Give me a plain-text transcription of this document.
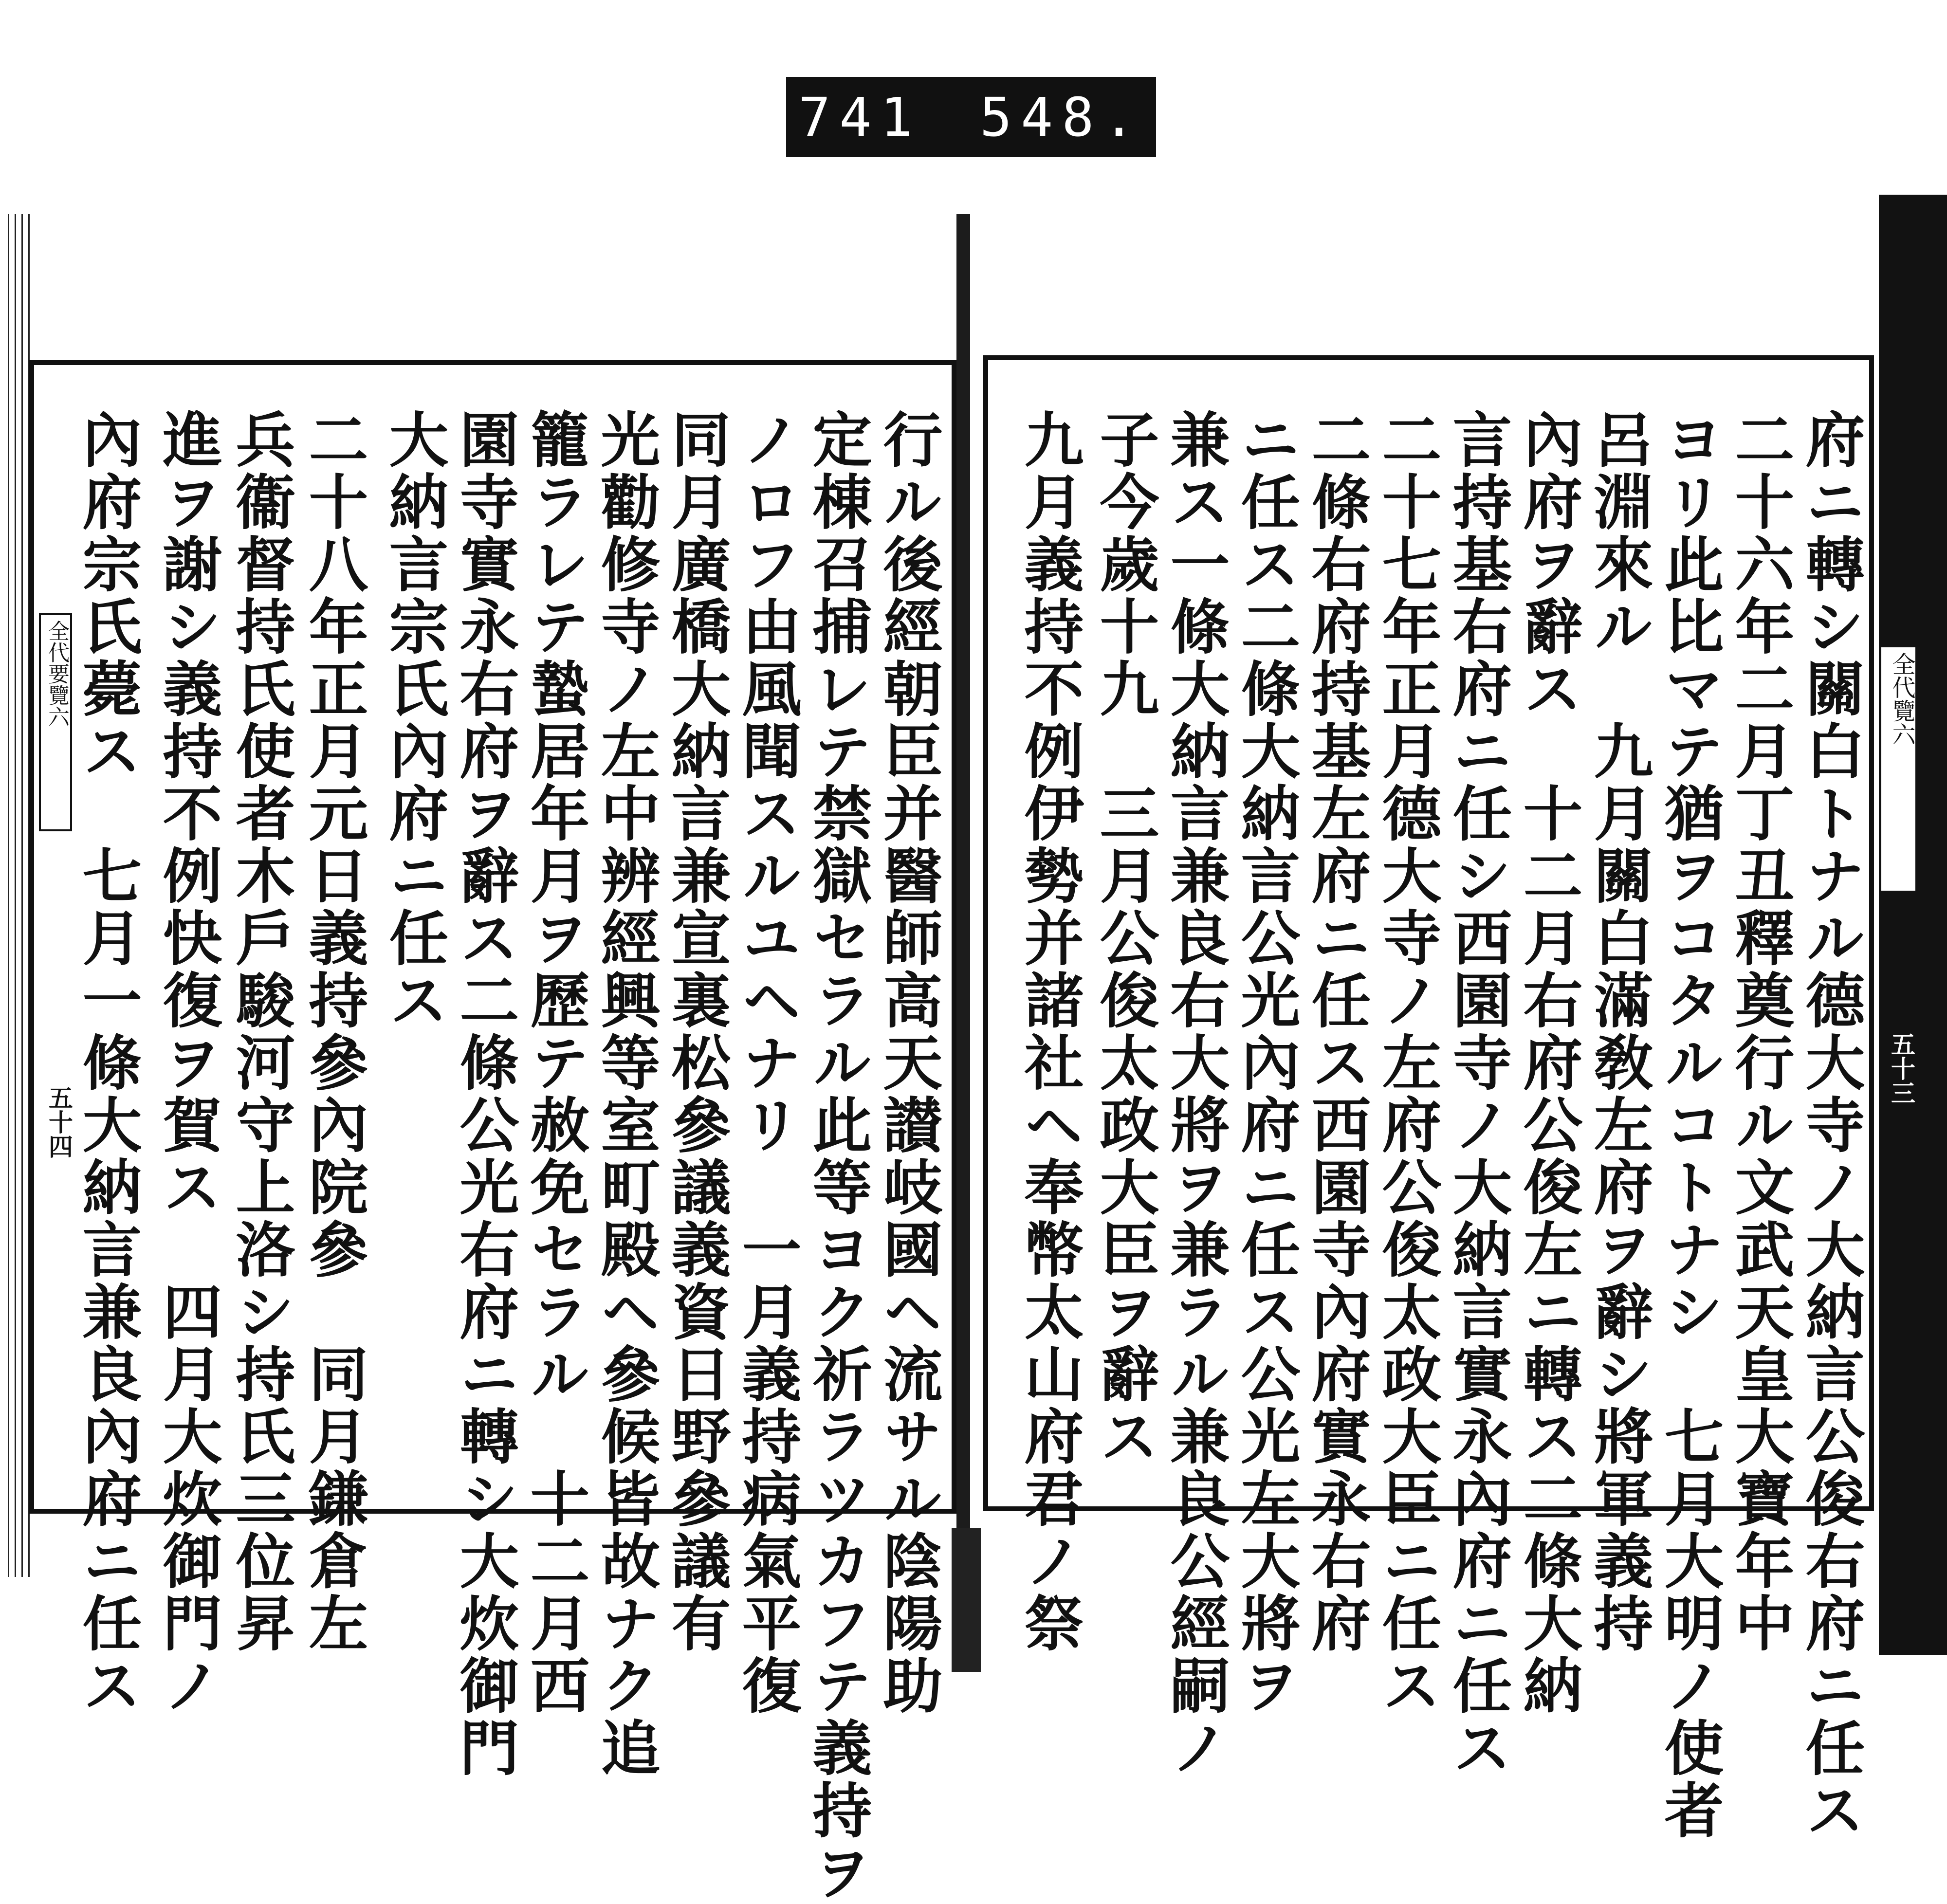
741 548.
全代要覽六
五十四
全代覽六
五十三
府ニ轉シ關白トナル德大寺ノ大納言公俊右府ニ任ス
二十六年二月丁丑釋奠行ル文武天皇大寶年中
ヨリ此比マテ猶ヲコタルコトナシ　七月大明ノ使者
呂淵來ル　九月關白滿敎左府ヲ辭シ將軍義持
內府ヲ辭ス　十二月右府公俊左ニ轉ス二條大納
言持基右府ニ任シ西園寺ノ大納言實永內府ニ任ス
二十七年正月德大寺ノ左府公俊太政大臣ニ任ス
二條右府持基左府ニ任ス西園寺內府實永右府
ニ任ス二條大納言公光內府ニ任ス公光左大將ヲ
兼ス一條大納言兼良右大將ヲ兼ラル兼良公經嗣ノ
子今歲十九　三月公俊太政大臣ヲ辭ス
九月義持不例伊勢并諸社ヘ奉幣太山府君ノ祭
行ル後經朝臣并醫師高天讃岐國ヘ流サル陰陽助
定棟召捕レテ禁獄セラル此等ヨク祈ラツカフテ義持ヲ
ノロフ由風聞スルユヘナリ　一月義持病氣平復
同月廣橋大納言兼宣裏松參議義資日野參議有
光勸修寺ノ左中辨經興等室町殿ヘ參候皆故ナク追
籠ラレテ蟄居年月ヲ歷テ赦免セラル　十二月西
園寺實永右府ヲ辭ス二條公光右府ニ轉シ大炊御門
大納言宗氏內府ニ任ス
二十八年正月元日義持參內院參　同月鎌倉左
兵衞督持氏使者木戶駿河守上洛シ持氏三位昇
進ヲ謝シ義持不例快復ヲ賀ス　四月大炊御門ノ
內府宗氏薨ス　七月一條大納言兼良內府ニ任ス
